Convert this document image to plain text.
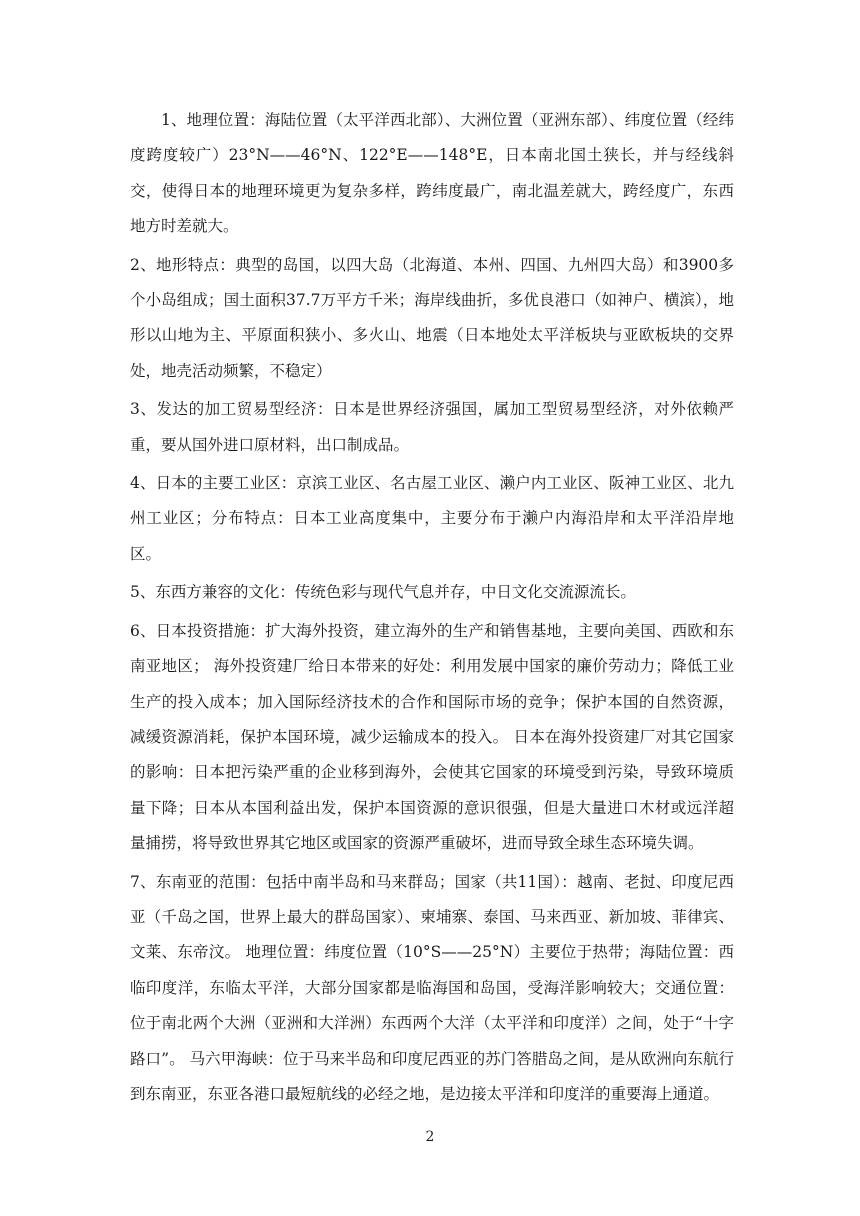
1、地理位置：海陆位置（太平洋西北部）、大洲位置（亚洲东部）、纬度位置（经纬度跨度较广）23°N——46°N、122°E——148°E，日本南北国土狭长，并与经线斜交，使得日本的地理环境更为复杂多样，跨纬度最广，南北温差就大，跨经度广，东西地方时差就大。

2、地形特点：典型的岛国，以四大岛（北海道、本州、四国、九州四大岛）和3900多个小岛组成；国土面积37.7万平方千米；海岸线曲折，多优良港口（如神户、横滨），地形以山地为主、平原面积狭小、多火山、地震（日本地处太平洋板块与亚欧板块的交界处，地壳活动频繁，不稳定）

3、发达的加工贸易型经济：日本是世界经济强国，属加工型贸易型经济，对外依赖严重，要从国外进口原材料，出口制成品。

4、日本的主要工业区：京滨工业区、名古屋工业区、濑户内工业区、阪神工业区、北九州工业区；分布特点：日本工业高度集中，主要分布于濑户内海沿岸和太平洋沿岸地区。

5、东西方兼容的文化：传统色彩与现代气息并存，中日文化交流源流长。

6、日本投资措施：扩大海外投资，建立海外的生产和销售基地，主要向美国、西欧和东南亚地区； 海外投资建厂给日本带来的好处：利用发展中国家的廉价劳动力；降低工业生产的投入成本；加入国际经济技术的合作和国际市场的竞争；保护本国的自然资源，减缓资源消耗，保护本国环境，减少运输成本的投入。 日本在海外投资建厂对其它国家的影响：日本把污染严重的企业移到海外，会使其它国家的环境受到污染，导致环境质量下降；日本从本国利益出发，保护本国资源的意识很强，但是大量进口木材或远洋超量捕捞，将导致世界其它地区或国家的资源严重破坏，进而导致全球生态环境失调。

7、东南亚的范围：包括中南半岛和马来群岛；国家（共11国）：越南、老挝、印度尼西亚（千岛之国，世界上最大的群岛国家）、柬埔寨、泰国、马来西亚、新加坡、菲律宾、文莱、东帝汶。 地理位置：纬度位置（10°S——25°N）主要位于热带；海陆位置：西临印度洋，东临太平洋，大部分国家都是临海国和岛国，受海洋影响较大；交通位置：位于南北两个大洲（亚洲和大洋洲）东西两个大洋（太平洋和印度洋）之间，处于“十字路口”。 马六甲海峡：位于马来半岛和印度尼西亚的苏门答腊岛之间，是从欧洲向东航行到东南亚，东亚各港口最短航线的必经之地，是边接太平洋和印度洋的重要海上通道。

2
